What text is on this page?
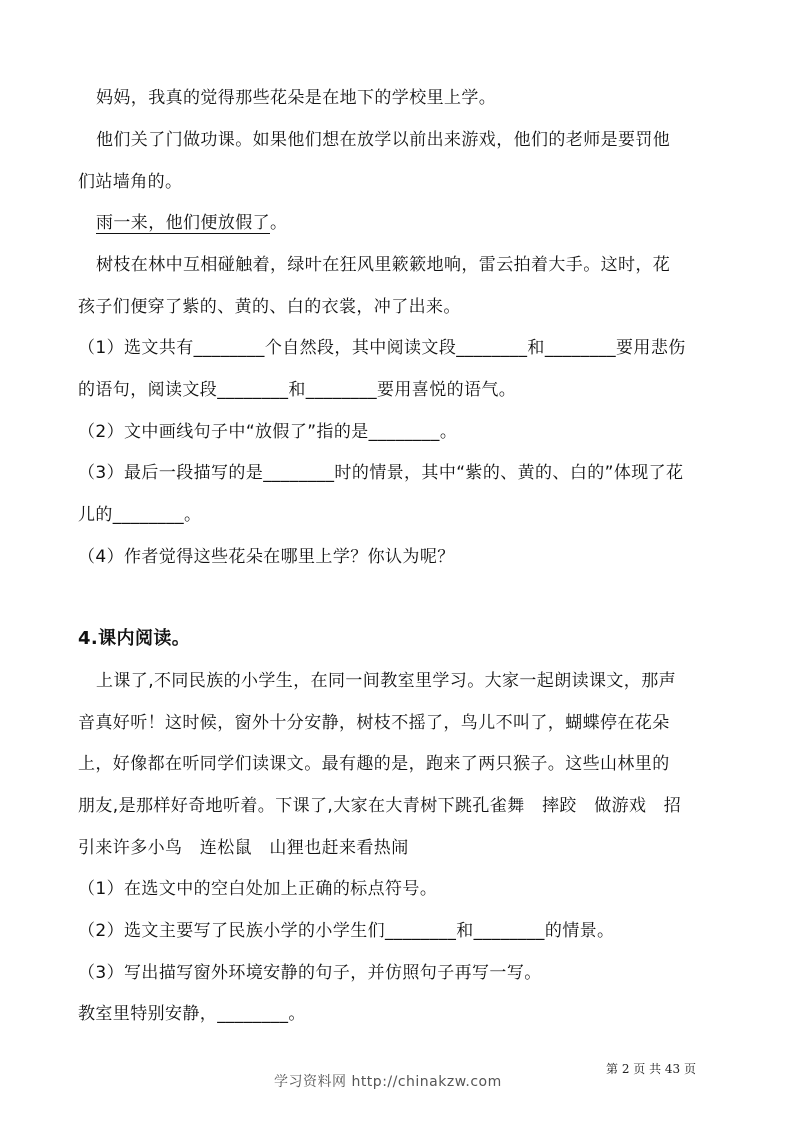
妈妈，我真的觉得那些花朵是在地下的学校里上学。
他们关了门做功课。如果他们想在放学以前出来游戏，他们的老师是要罚他
们站墙角的。
雨一来，他们便放假了。
树枝在林中互相碰触着，绿叶在狂风里簌簌地响，雷云拍着大手。这时，花
孩子们便穿了紫的、黄的、白的衣裳，冲了出来。
（1）选文共有________个自然段，其中阅读文段________和________要用悲伤
的语句，阅读文段________和________要用喜悦的语气。
（2）文中画线句子中“放假了”指的是________。
（3）最后一段描写的是________时的情景，其中“紫的、黄的、白的”体现了花
儿的________。
（4）作者觉得这些花朵在哪里上学？你认为呢？
4.课内阅读。
上课了,不同民族的小学生，在同一间教室里学习。大家一起朗读课文，那声
音真好听！这时候，窗外十分安静，树枝不摇了，鸟儿不叫了，蝴蝶停在花朵
上，好像都在听同学们读课文。最有趣的是，跑来了两只猴子。这些山林里的
朋友,是那样好奇地听着。下课了,大家在大青树下跳孔雀舞　摔跤　做游戏　招
引来许多小鸟　连松鼠　山狸也赶来看热闹
（1）在选文中的空白处加上正确的标点符号。
（2）选文主要写了民族小学的小学生们________和________的情景。
（3）写出描写窗外环境安静的句子，并仿照句子再写一写。
教室里特别安静，________。
第 2 页 共 43 页
学习资料网 http://chinakzw.com
